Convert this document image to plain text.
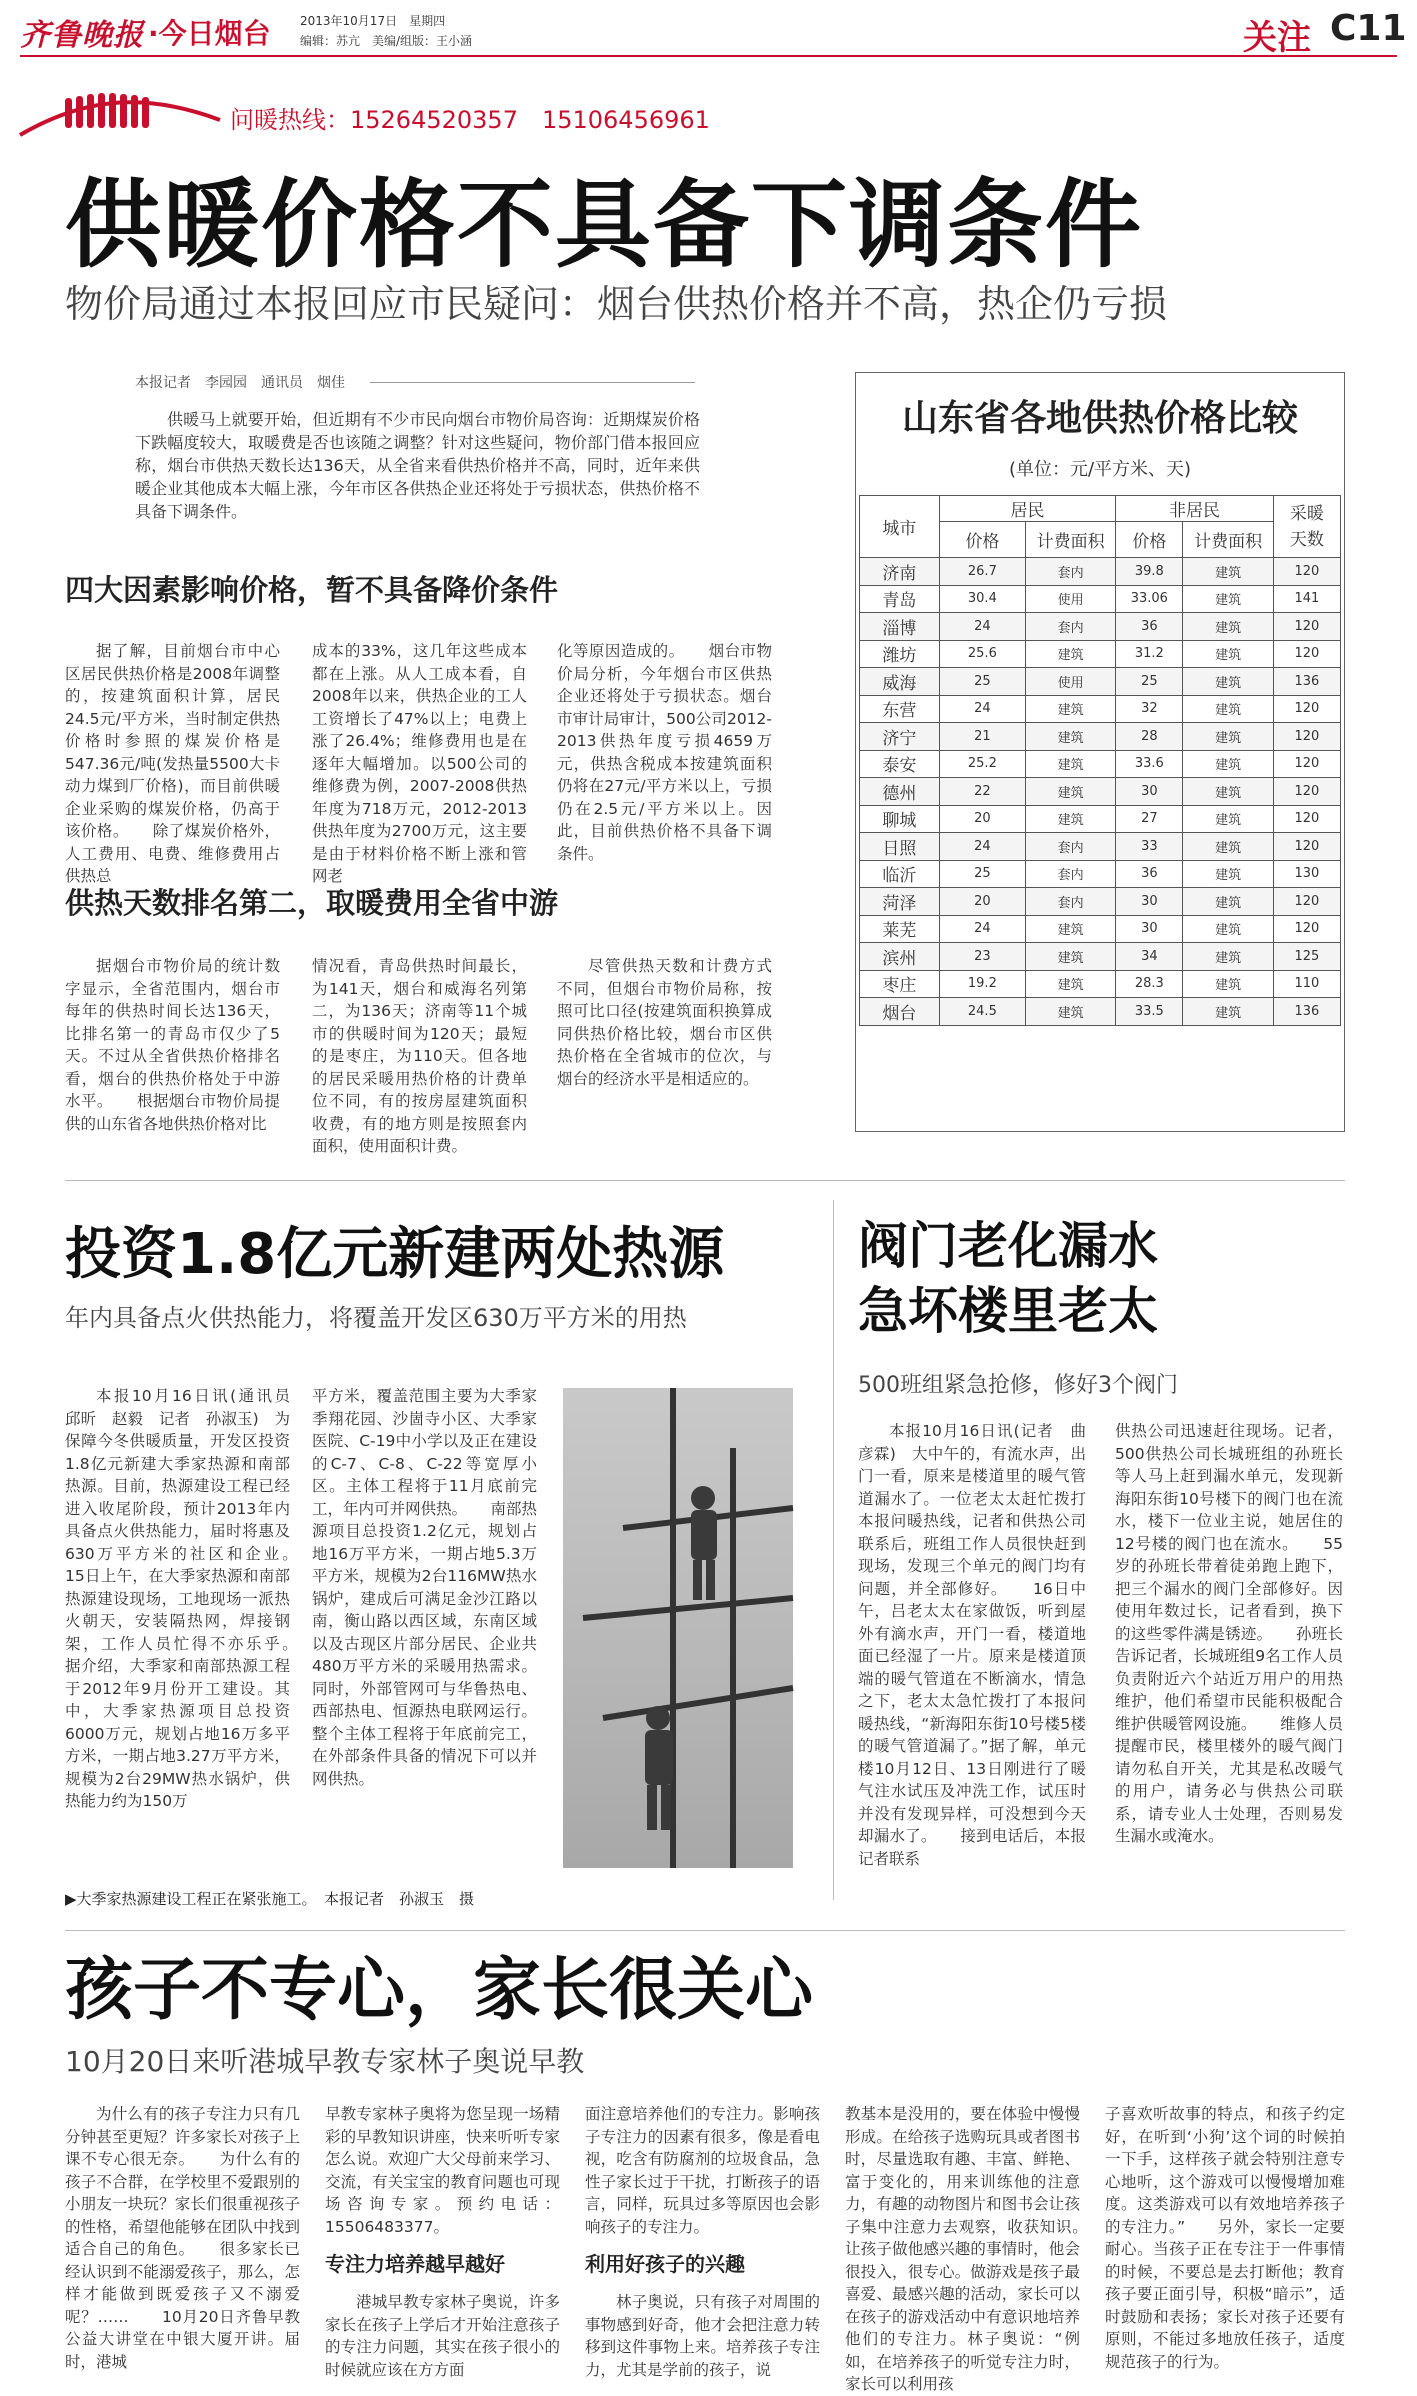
齐鲁晚报 ·今日烟台 2013年10月17日　星期四
编辑：苏亢　美编/组版：王小涵	关注 C11
问暖热线：15264520357　15106456961
供暖价格不具备下调条件
物价局通过本报回应市民疑问：烟台供热价格并不高，热企仍亏损
本报记者　李园园　通讯员　烟佳
供暖马上就要开始，但近期有不少市民向烟台市物价局咨询：近期煤炭价格下跌幅度较大，取暖费是否也该随之调整？针对这些疑问，物价部门借本报回应称，烟台市供热天数长达136天，从全省来看供热价格并不高，同时，近年来供暖企业其他成本大幅上涨，今年市区各供热企业还将处于亏损状态，供热价格不具备下调条件。
四大因素影响价格，暂不具备降价条件
据了解，目前烟台市中心区居民供热价格是2008年调整的，按建筑面积计算，居民24.5元/平方米，当时制定供热价格时参照的煤炭价格是547.36元/吨(发热量5500大卡动力煤到厂价格)，而目前供暖企业采购的煤炭价格，仍高于该价格。　　除了煤炭价格外，人工费用、电费、维修费用占供热总
成本的33%，这几年这些成本都在上涨。从人工成本看，自2008年以来，供热企业的工人工资增长了47%以上；电费上涨了26.4%；维修费用也是在逐年大幅增加。以500公司的维修费为例，2007-2008供热年度为718万元，2012-2013供热年度为2700万元，这主要是由于材料价格不断上涨和管网老
化等原因造成的。　　烟台市物价局分析，今年烟台市区供热企业还将处于亏损状态。烟台市审计局审计，500公司2012-2013供热年度亏损4659万元，供热含税成本按建筑面积仍将在27元/平方米以上，亏损仍在2.5元/平方米以上。因此，目前供热价格不具备下调条件。
供热天数排名第二，取暖费用全省中游
据烟台市物价局的统计数字显示，全省范围内，烟台市每年的供热时间长达136天，比排名第一的青岛市仅少了5天。不过从全省供热价格排名看，烟台的供热价格处于中游水平。　　根据烟台市物价局提供的山东省各地供热价格对比
情况看，青岛供热时间最长，为141天，烟台和威海名列第二，为136天；济南等11个城市的供暖时间为120天；最短的是枣庄，为110天。但各地的居民采暖用热价格的计费单位不同，有的按房屋建筑面积收费，有的地方则是按照套内面积，使用面积计费。
尽管供热天数和计费方式不同，但烟台市物价局称，按照可比口径(按建筑面积换算成同供热价格比较，烟台市区供热价格在全省城市的位次，与烟台的经济水平是相适应的。
山东省各地供热价格比较
(单位：元/平方米、天)
城市	居民		非居民		采暖天数
	价格	计费面积	价格	计费面积	
济南	26.7	套内	39.8	建筑	120
青岛	30.4	使用	33.06	建筑	141
淄博	24	套内	36	建筑	120
潍坊	25.6	建筑	31.2	建筑	120
威海	25	使用	25	建筑	136
东营	24	建筑	32	建筑	120
济宁	21	建筑	28	建筑	120
泰安	25.2	建筑	33.6	建筑	120
德州	22	建筑	30	建筑	120
聊城	20	建筑	27	建筑	120
日照	24	套内	33	建筑	120
临沂	25	套内	36	建筑	130
菏泽	20	套内	30	建筑	120
莱芜	24	建筑	30	建筑	120
滨州	23	建筑	34	建筑	125
枣庄	19.2	建筑	28.3	建筑	110
烟台	24.5	建筑	33.5	建筑	136
投资1.8亿元新建两处热源
年内具备点火供热能力，将覆盖开发区630万平方米的用热
本报10月16日讯(通讯员　邱昕　赵毅　记者　孙淑玉)　为保障今冬供暖质量，开发区投资1.8亿元新建大季家热源和南部热源。目前，热源建设工程已经进入收尾阶段，预计2013年内具备点火供热能力，届时将惠及630万平方米的社区和企业。　　15日上午，在大季家热源和南部热源建设现场，工地现场一派热火朝天，安装隔热网，焊接钢架，工作人员忙得不亦乐乎。　　据介绍，大季家和南部热源工程于2012年9月份开工建设。其中，大季家热源项目总投资6000万元，规划占地16万多平方米，一期占地3.27万平方米，规模为2台29MW热水锅炉，供热能力约为150万
平方米，覆盖范围主要为大季家季翔花园、沙崮寺小区、大季家医院、C-19中小学以及正在建设的C-7、C-8、C-22等宽厚小区。主体工程将于11月底前完工，年内可并网供热。　　南部热源项目总投资1.2亿元，规划占地16万平方米，一期占地5.3万平方米，规模为2台116MW热水锅炉，建成后可满足金沙江路以南，衡山路以西区域，东南区域以及古现区片部分居民、企业共480万平方米的采暖用热需求。同时，外部管网可与华鲁热电、西部热电、恒源热电联网运行。整个主体工程将于年底前完工，在外部条件具备的情况下可以并网供热。
▶大季家热源建设工程正在紧张施工。　本报记者　孙淑玉　摄
阀门老化漏水
急坏楼里老太
500班组紧急抢修，修好3个阀门
本报10月16日讯(记者　曲彦霖)　大中午的，有流水声，出门一看，原来是楼道里的暖气管道漏水了。一位老太太赶忙拨打本报问暖热线，记者和供热公司联系后，班组工作人员很快赶到现场，发现三个单元的阀门均有问题，并全部修好。　　16日中午，吕老太太在家做饭，听到屋外有滴水声，开门一看，楼道地面已经湿了一片。原来是楼道顶端的暖气管道在不断滴水，情急之下，老太太急忙拨打了本报问暖热线，“新海阳东街10号楼5楼的暖气管道漏了。”据了解，单元楼10月12日、13日刚进行了暖气注水试压及冲洗工作，试压时并没有发现异样，可没想到今天却漏水了。　　接到电话后，本报记者联系
供热公司迅速赶往现场。记者，500供热公司长城班组的孙班长等人马上赶到漏水单元，发现新海阳东街10号楼下的阀门也在流水，楼下一位业主说，她居住的12号楼的阀门也在流水。　　55岁的孙班长带着徒弟跑上跑下，把三个漏水的阀门全部修好。因使用年数过长，记者看到，换下的这些零件满是锈迹。　　孙班长告诉记者，长城班组9名工作人员负责附近六个站近万用户的用热维护，他们希望市民能积极配合维护供暖管网设施。　　维修人员提醒市民，楼里楼外的暖气阀门请勿私自开关，尤其是私改暖气的用户，请务必与供热公司联系，请专业人士处理，否则易发生漏水或淹水。
孩子不专心，家长很关心
10月20日来听港城早教专家林子奥说早教
为什么有的孩子专注力只有几分钟甚至更短？许多家长对孩子上课不专心很无奈。　　为什么有的孩子不合群，在学校里不爱跟别的小朋友一块玩？家长们很重视孩子的性格，希望他能够在团队中找到适合自己的角色。　　很多家长已经认识到不能溺爱孩子，那么，怎样才能做到既爱孩子又不溺爱呢？……　　10月20日齐鲁早教公益大讲堂在中银大厦开讲。届时，港城
早教专家林子奥将为您呈现一场精彩的早教知识讲座，快来听听专家怎么说。欢迎广大父母前来学习、交流，有关宝宝的教育问题也可现场咨询专家。预约电话：15506483377。
专注力培养越早越好
港城早教专家林子奥说，许多家长在孩子上学后才开始注意孩子的专注力问题，其实在孩子很小的时候就应该在方方面
面注意培养他们的专注力。影响孩子专注力的因素有很多，像是看电视，吃含有防腐剂的垃圾食品，急性子家长过于干扰，打断孩子的语言，同样，玩具过多等原因也会影响孩子的专注力。
利用好孩子的兴趣
林子奥说，只有孩子对周围的事物感到好奇，他才会把注意力转移到这件事物上来。培养孩子专注力，尤其是学前的孩子，说
教基本是没用的，要在体验中慢慢形成。在给孩子选购玩具或者图书时，尽量选取有趣、丰富、鲜艳、富于变化的，用来训练他的注意力，有趣的动物图片和图书会让孩子集中注意力去观察，收获知识。　　让孩子做他感兴趣的事情时，他会很投入，很专心。做游戏是孩子最喜爱、最感兴趣的活动，家长可以在孩子的游戏活动中有意识地培养他们的专注力。林子奥说：“例如，在培养孩子的听觉专注力时，家长可以利用孩
子喜欢听故事的特点，和孩子约定好，在听到‘小狗’这个词的时候拍一下手，这样孩子就会特别注意专心地听，这个游戏可以慢慢增加难度。这类游戏可以有效地培养孩子的专注力。”　　另外，家长一定要耐心。当孩子正在专注于一件事情的时候，不要总是去打断他；教育孩子要正面引导，积极“暗示”，适时鼓励和表扬；家长对孩子还要有原则，不能过多地放任孩子，适度规范孩子的行为。
